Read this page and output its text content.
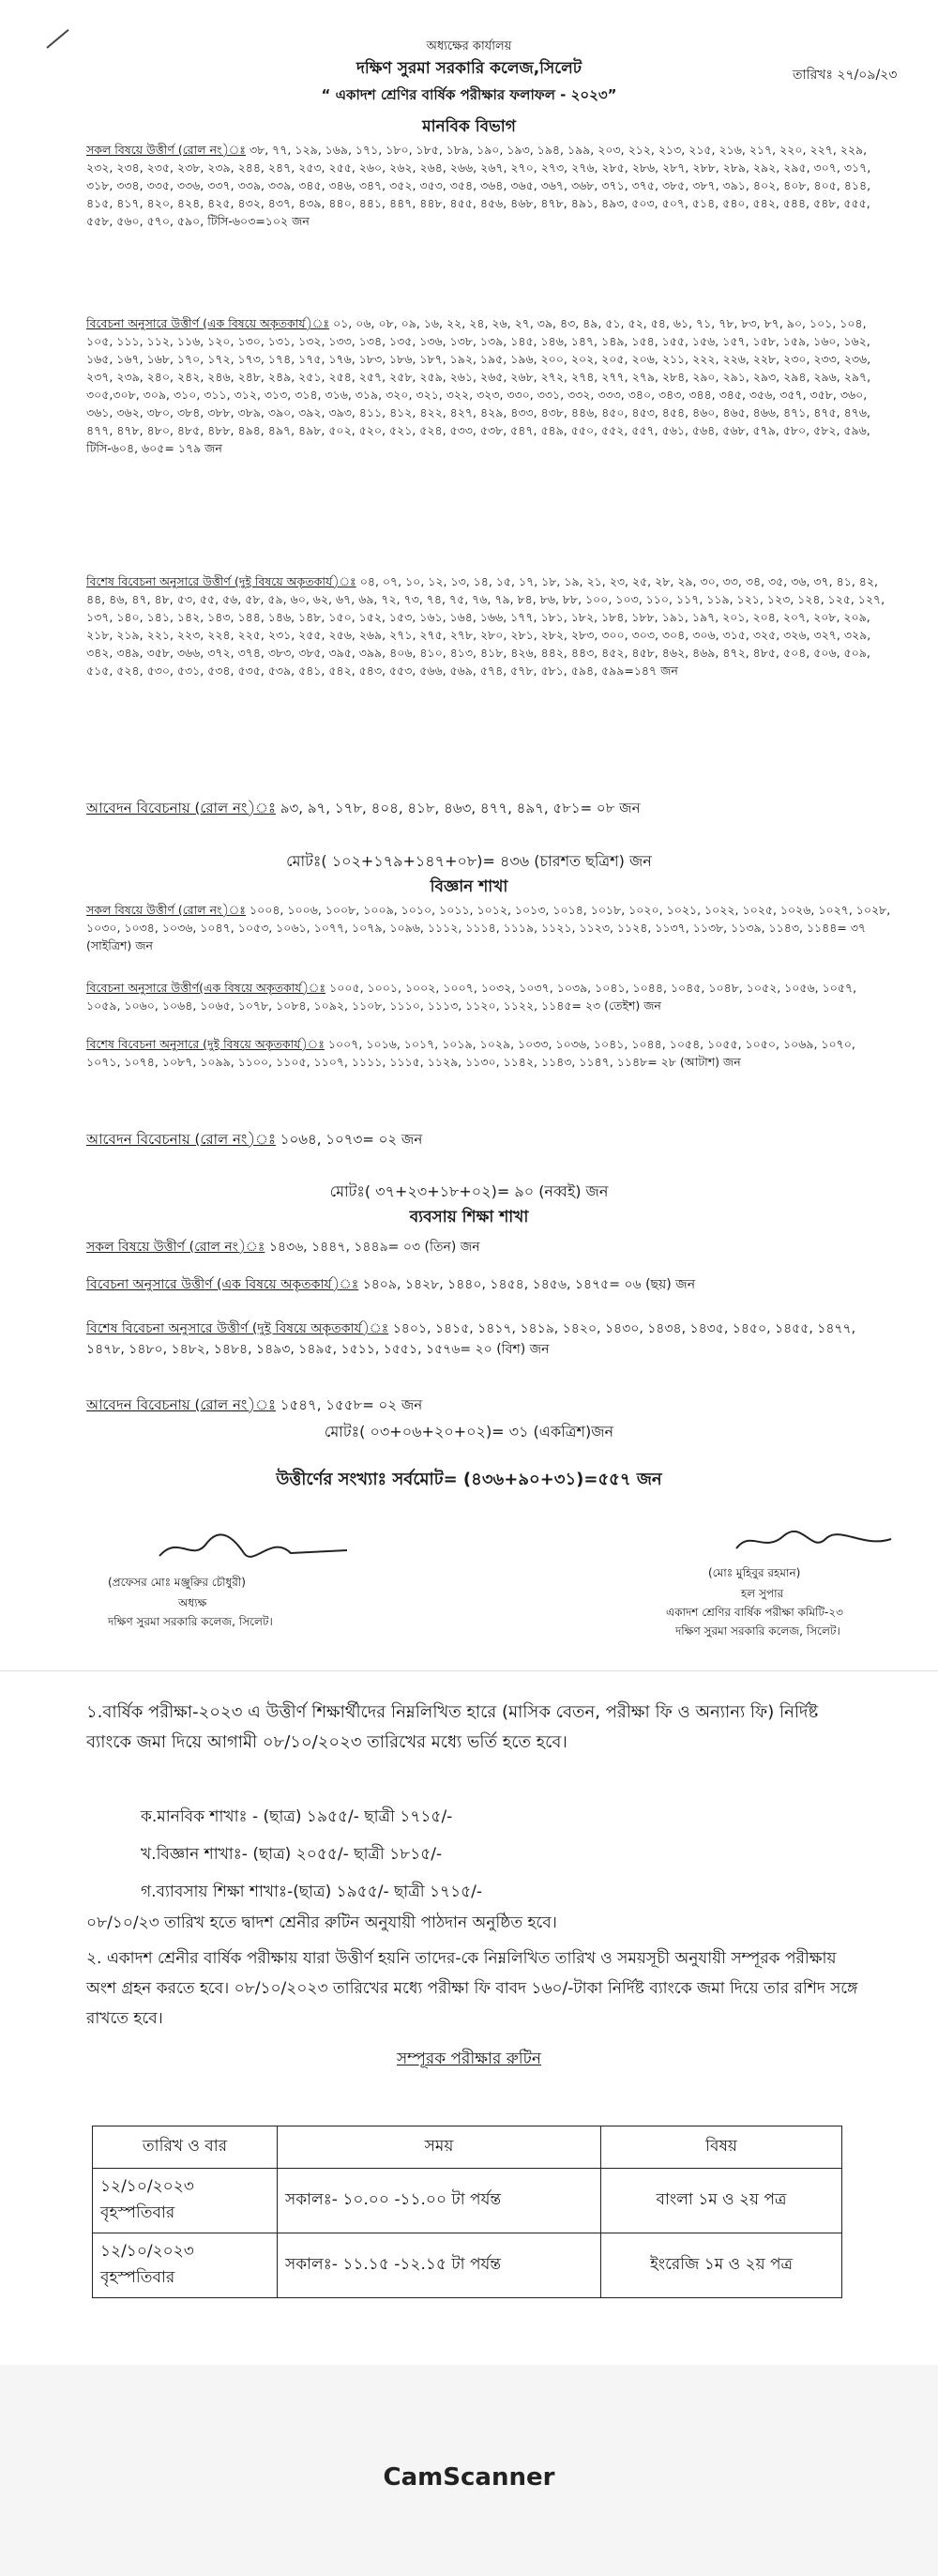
অধ্যক্ষের কার্যালয়
দক্ষিণ সুরমা সরকারি কলেজ,সিলেট
“ একাদশ শ্রেণির বার্ষিক পরীক্ষার ফলাফল - ২০২৩”
তারিখঃ ২৭/০৯/২৩
মানবিক বিভাগ
সকল বিষয়ে উত্তীর্ণ (রোল নং)ঃ ৩৮, ৭৭, ১২৯, ১৬৯, ১৭১, ১৮০, ১৮৫, ১৮৯, ১৯০, ১৯৩, ১৯৪, ১৯৯, ২০৩, ২১২, ২১৩, ২১৫, ২১৬, ২১৭, ২২০, ২২৭, ২২৯, ২৩২, ২৩৪, ২৩৫, ২৩৮, ২৩৯, ২৪৪, ২৪৭, ২৫৩, ২৫৫, ২৬০, ২৬২, ২৬৪, ২৬৬, ২৬৭, ২৭০, ২৭৩, ২৭৬, ২৮৫, ২৮৬, ২৮৭, ২৮৮, ২৮৯, ২৯২, ২৯৫, ৩০৭, ৩১৭, ৩১৮, ৩৩৪, ৩৩৫, ৩৩৬, ৩৩৭, ৩৩৯, ৩৩৯, ৩৪৫, ৩৪৬, ৩৪৭, ৩৫২, ৩৫৩, ৩৫৪, ৩৬৪, ৩৬৫, ৩৬৭, ৩৬৮, ৩৭১, ৩৭৫, ৩৮৫, ৩৮৭, ৩৯১, ৪০২, ৪০৮, ৪০৫, ৪১৪, ৪১৫, ৪১৭, ৪২০, ৪২৪, ৪২৫, ৪৩২, ৪৩৭, ৪৩৯, ৪৪০, ৪৪১, ৪৪৭, ৪৪৮, ৪৫৫, ৪৫৬, ৪৬৮, ৪৭৮, ৪৯১, ৪৯৩, ৫০৩, ৫০৭, ৫১৪, ৫৪০, ৫৪২, ৫৪৪, ৫৪৮, ৫৫৫, ৫৫৮, ৫৬০, ৫৭০, ৫৯০, টিসি-৬০৩=১০২ জন
বিবেচনা অনুসারে উত্তীর্ণ (এক বিষয়ে অকৃতকার্য)ঃ ০১, ০৬, ০৮, ০৯, ১৬, ২২, ২৪, ২৬, ২৭, ৩৯, ৪৩, ৪৯, ৫১, ৫২, ৫৪, ৬১, ৭১, ৭৮, ৮৩, ৮৭, ৯০, ১০১, ১০৪, ১০৫, ১১১, ১১২, ১১৬, ১২০, ১৩০, ১৩১, ১৩২, ১৩৩, ১৩৪, ১৩৫, ১৩৬, ১৩৮, ১৩৯, ১৪৫, ১৪৬, ১৪৭, ১৪৯, ১৫৪, ১৫৫, ১৫৬, ১৫৭, ১৫৮, ১৫৯, ১৬০, ১৬২, ১৬৫, ১৬৭, ১৬৮, ১৭০, ১৭২, ১৭৩, ১৭৪, ১৭৫, ১৭৬, ১৮৩, ১৮৬, ১৮৭, ১৯২, ১৯৫, ১৯৬, ২০০, ২০২, ২০৫, ২০৬, ২১১, ২২২, ২২৬, ২২৮, ২৩০, ২৩৩, ২৩৬, ২৩৭, ২৩৯, ২৪০, ২৪২, ২৪৬, ২৪৮, ২৪৯, ২৫১, ২৫৪, ২৫৭, ২৫৮, ২৫৯, ২৬১, ২৬৫, ২৬৮, ২৭২, ২৭৪, ২৭৭, ২৭৯, ২৮৪, ২৯০, ২৯১, ২৯৩, ২৯৪, ২৯৬, ২৯৭, ৩০৫,৩০৮, ৩০৯, ৩১০, ৩১১, ৩১২, ৩১৩, ৩১৪, ৩১৬, ৩১৯, ৩২০, ৩২১, ৩২২, ৩২৩, ৩৩০, ৩৩১, ৩৩২, ৩৩৩, ৩৪০, ৩৪৩, ৩৪৪, ৩৪৫, ৩৫৬, ৩৫৭, ৩৫৮, ৩৬০, ৩৬১, ৩৬২, ৩৮০, ৩৮৪, ৩৮৮, ৩৮৯, ৩৯০, ৩৯২, ৩৯৩, ৪১১, ৪১২, ৪২২, ৪২৭, ৪২৯, ৪৩৩, ৪৩৮, ৪৪৬, ৪৫০, ৪৫৩, ৪৫৪, ৪৬০, ৪৬৫, ৪৬৬, ৪৭১, ৪৭৫, ৪৭৬, ৪৭৭, ৪৭৮, ৪৮০, ৪৮৫, ৪৮৮, ৪৯৪, ৪৯৭, ৪৯৮, ৫০২, ৫২০, ৫২১, ৫২৪, ৫৩৩, ৫৩৮, ৫৪৭, ৫৪৯, ৫৫০, ৫৫২, ৫৫৭, ৫৬১, ৫৬৪, ৫৬৮, ৫৭৯, ৫৮০, ৫৮২, ৫৯৬, টিসি-৬০৪, ৬০৫= ১৭৯ জন
বিশেষ বিবেচনা অনুসারে উত্তীর্ণ (দুই বিষয়ে অকৃতকার্য)ঃ ০৪, ০৭, ১০, ১২, ১৩, ১৪, ১৫, ১৭, ১৮, ১৯, ২১, ২৩, ২৫, ২৮, ২৯, ৩০, ৩৩, ৩৪, ৩৫, ৩৬, ৩৭, ৪১, ৪২, ৪৪, ৪৬, ৪৭, ৪৮, ৫৩, ৫৫, ৫৬, ৫৮, ৫৯, ৬০, ৬২, ৬৭, ৬৯, ৭২, ৭৩, ৭৪, ৭৫, ৭৬, ৭৯, ৮৪, ৮৬, ৮৮, ১০০, ১০৩, ১১০, ১১৭, ১১৯, ১২১, ১২৩, ১২৪, ১২৫, ১২৭, ১৩৭, ১৪০, ১৪১, ১৪২, ১৪৩, ১৪৪, ১৪৬, ১৪৮, ১৫০, ১৫২, ১৫৩, ১৬১, ১৬৪, ১৬৬, ১৭৭, ১৮১, ১৮২, ১৮৪, ১৮৮, ১৯১, ১৯৭, ২০১, ২০৪, ২০৭, ২০৮, ২০৯, ২১৮, ২১৯, ২২১, ২২৩, ২২৪, ২২৫, ২৩১, ২৫৫, ২৫৬, ২৬৯, ২৭১, ২৭৫, ২৭৮, ২৮০, ২৮১, ২৮২, ২৮৩, ৩০০, ৩০৩, ৩০৪, ৩০৬, ৩১৫, ৩২৫, ৩২৬, ৩২৭, ৩২৯, ৩৪২, ৩৪৯, ৩৫৮, ৩৬৬, ৩৭২, ৩৭৪, ৩৮৩, ৩৮৫, ৩৯৫, ৩৯৯, ৪০৬, ৪১০, ৪১৩, ৪১৮, ৪২৬, ৪৪২, ৪৪৩, ৪৫২, ৪৫৮, ৪৬২, ৪৬৯, ৪৭২, ৪৮৫, ৫০৪, ৫০৬, ৫০৯, ৫১৫, ৫২৪, ৫৩০, ৫৩১, ৫৩৪, ৫৩৫, ৫৩৯, ৫৪১, ৫৪২, ৫৪৩, ৫৫৩, ৫৬৬, ৫৬৯, ৫৭৪, ৫৭৮, ৫৮১, ৫৯৪, ৫৯৯=১৪৭ জন
আবেদন বিবেচনায় (রোল নং)ঃ ৯৩, ৯৭, ১৭৮, ৪০৪, ৪১৮, ৪৬৩, ৪৭৭, ৪৯৭, ৫৮১= ০৮ জন
মোটঃ( ১০২+১৭৯+১৪৭+০৮)= ৪৩৬ (চারশত ছত্রিশ) জন
বিজ্ঞান শাখা
সকল বিষয়ে উত্তীর্ণ (রোল নং)ঃ ১০০৪, ১০০৬, ১০০৮, ১০০৯, ১০১০, ১০১১, ১০১২, ১০১৩, ১০১৪, ১০১৮, ১০২০, ১০২১, ১০২২, ১০২৫, ১০২৬, ১০২৭, ১০২৮, ১০৩০, ১০৩৪, ১০৩৬, ১০৪৭, ১০৫৩, ১০৬১, ১০৭৭, ১০৭৯, ১০৯৬, ১১১২, ১১১৪, ১১১৯, ১১২১, ১১২৩, ১১২৪, ১১৩৭, ১১৩৮, ১১৩৯, ১১৪৩, ১১৪৪= ৩৭ (সাইত্রিশ) জন
বিবেচনা অনুসারে উত্তীর্ণ(এক বিষয়ে অকৃতকার্য)ঃ ১০০৫, ১০০১, ১০০২, ১০০৭, ১০৩২, ১০৩৭, ১০৩৯, ১০৪১, ১০৪৪, ১০৪৫, ১০৪৮, ১০৫২, ১০৫৬, ১০৫৭, ১০৫৯, ১০৬০, ১০৬৪, ১০৬৫, ১০৭৮, ১০৮৪, ১০৯২, ১১০৮, ১১১০, ১১১৩, ১১২০, ১১২২, ১১৪৫= ২৩ (তেইশ) জন
বিশেষ বিবেচনা অনুসারে (দুই বিষয়ে অকৃতকার্য)ঃ ১০০৭, ১০১৬, ১০১৭, ১০১৯, ১০২৯, ১০৩৩, ১০৩৬, ১০৪১, ১০৪৪, ১০৫৪, ১০৫৫, ১০৫০, ১০৬৯, ১০৭০, ১০৭১, ১০৭৪, ১০৮৭, ১০৯৯, ১১০০, ১১০৫, ১১০৭, ১১১১, ১১১৫, ১১২৯, ১১৩০, ১১৪২, ১১৪৩, ১১৪৭, ১১৪৮= ২৮ (আটাশ) জন
আবেদন বিবেচনায় (রোল নং)ঃ ১০৬৪, ১০৭৩= ০২ জন
মোটঃ( ৩৭+২৩+১৮+০২)= ৯০ (নব্বই) জন
ব্যবসায় শিক্ষা শাখা
সকল বিষয়ে উত্তীর্ণ (রোল নং)ঃ ১৪৩৬, ১৪৪৭, ১৪৪৯= ০৩ (তিন) জন
বিবেচনা অনুসারে উত্তীর্ণ (এক বিষয়ে অকৃতকার্য)ঃ ১৪০৯, ১৪২৮, ১৪৪০, ১৪৫৪, ১৪৫৬, ১৪৭৫= ০৬ (ছয়) জন
বিশেষ বিবেচনা অনুসারে উত্তীর্ণ (দুই বিষয়ে অকৃতকার্য)ঃ ১৪০১, ১৪১৫, ১৪১৭, ১৪১৯, ১৪২০, ১৪৩০, ১৪৩৪, ১৪৩৫, ১৪৫০, ১৪৫৫, ১৪৭৭, ১৪৭৮, ১৪৮০, ১৪৮২, ১৪৮৪, ১৪৯৩, ১৪৯৫, ১৫১১, ১৫৫১, ১৫৭৬= ২০ (বিশ) জন
আবেদন বিবেচনায় (রোল নং)ঃ ১৫৪৭, ১৫৫৮= ০২ জন
মোটঃ( ০৩+০৬+২০+০২)= ৩১ (একত্রিশ)জন
উত্তীর্ণের সংখ্যাঃ সর্বমোট= (৪৩৬+৯০+৩১)=৫৫৭ জন
(প্রফেসর মোঃ মঞ্জুরিুর চৌধুরী)
অধ্যক্ষ
দক্ষিণ সুরমা সরকারি কলেজ, সিলেট।
(মোঃ মুহিবুর রহমান)
হল সুপার
একাদশ শ্রেণির বার্ষিক পরীক্ষা কমিটি-২৩
দক্ষিণ সুরমা সরকারি কলেজ, সিলেট।
১.বার্ষিক পরীক্ষা-২০২৩ এ উত্তীর্ণ শিক্ষার্থীদের নিম্নলিখিত হারে (মাসিক বেতন, পরীক্ষা ফি ও অন্যান্য ফি) নির্দিষ্ট ব্যাংকে জমা দিয়ে আগামী ০৮/১০/২০২৩ তারিখের মধ্যে ভর্তি হতে হবে।
ক.মানবিক শাখাঃ - (ছাত্র) ১৯৫৫/- ছাত্রী ১৭১৫/-
খ.বিজ্ঞান শাখাঃ- (ছাত্র) ২০৫৫/- ছাত্রী ১৮১৫/-
গ.ব্যাবসায় শিক্ষা শাখাঃ-(ছাত্র) ১৯৫৫/- ছাত্রী ১৭১৫/-
০৮/১০/২৩ তারিখ হতে দ্বাদশ শ্রেনীর রুটিন অনুযায়ী পাঠদান অনুষ্ঠিত হবে।
২. একাদশ শ্রেনীর বার্ষিক পরীক্ষায় যারা উত্তীর্ণ হয়নি তাদের-কে নিম্নলিখিত তারিখ ও সময়সূচী অনুযায়ী সম্পূরক পরীক্ষায় অংশ গ্রহন করতে হবে। ০৮/১০/২০২৩ তারিখের মধ্যে পরীক্ষা ফি বাবদ ১৬০/-টাকা নির্দিষ্ট ব্যাংকে জমা দিয়ে তার রশিদ সঙ্গে রাখতে হবে।
সম্পূরক পরীক্ষার রুটিন
তারিখ ও বার	সময়	বিষয়

১২/১০/২০২৩
বৃহস্পতিবার	সকালঃ- ১০.০০ -১১.০০ টা পর্যন্ত	বাংলা ১ম ও ২য় পত্র

১২/১০/২০২৩
বৃহস্পতিবার	সকালঃ- ১১.১৫ -১২.১৫ টা পর্যন্ত	ইংরেজি ১ম ও ২য় পত্র
CamScanner
